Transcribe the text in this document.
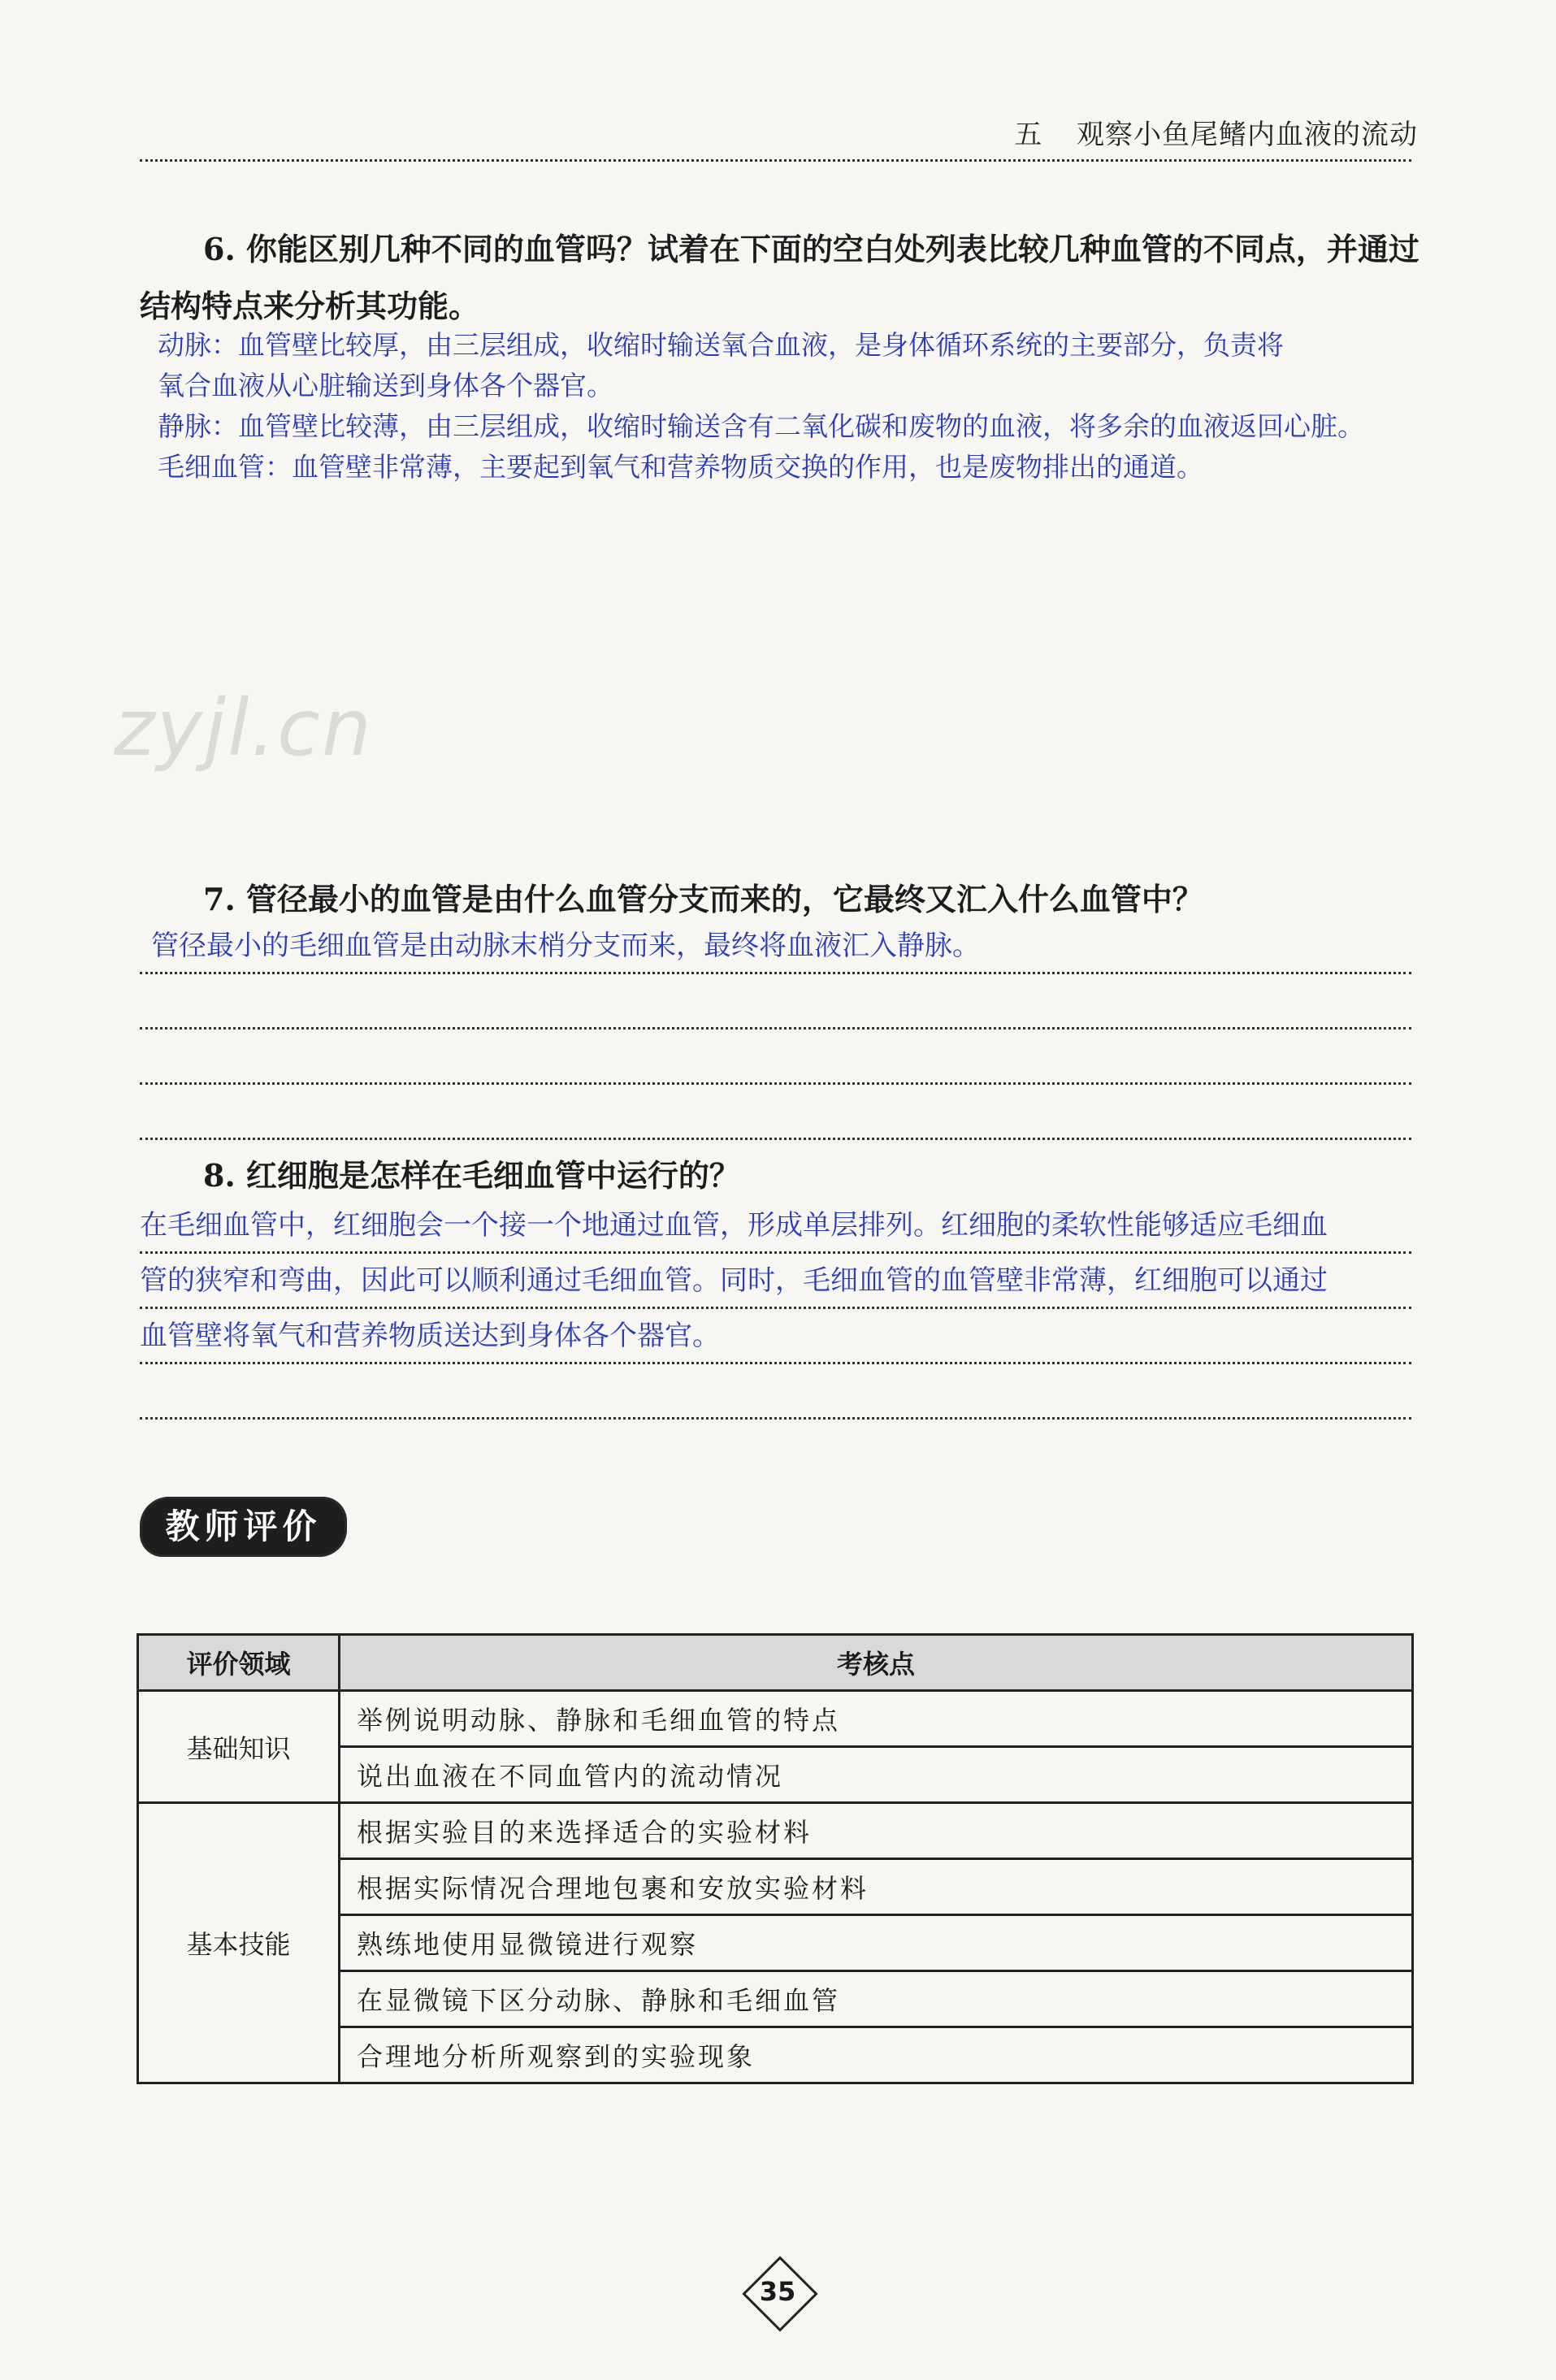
五 观察小鱼尾鳍内血液的流动
6. 你能区别几种不同的血管吗？试着在下面的空白处列表比较几种血管的不同点，并通过结构特点来分析其功能。

动脉：血管壁比较厚，由三层组成，收缩时输送氧合血液，是身体循环系统的主要部分，负责将

氧合血液从心脏输送到身体各个器官。

静脉：血管壁比较薄，由三层组成，收缩时输送含有二氧化碳和废物的血液，将多余的血液返回心脏。

毛细血管：血管壁非常薄，主要起到氧气和营养物质交换的作用，也是废物排出的通道。

zyjl.cn
7. 管径最小的血管是由什么血管分支而来的，它最终又汇入什么血管中？

管径最小的毛细血管是由动脉末梢分支而来，最终将血液汇入静脉。

8. 红细胞是怎样在毛细血管中运行的？

在毛细血管中，红细胞会一个接一个地通过血管，形成单层排列。红细胞的柔软性能够适应毛细血

管的狭窄和弯曲，因此可以顺利通过毛细血管。同时，毛细血管的血管壁非常薄，红细胞可以通过

血管壁将氧气和营养物质送达到身体各个器官。

教师评价
评价领域	考核点
基础知识	举例说明动脉、静脉和毛细血管的特点
	说出血液在不同血管内的流动情况
基本技能	根据实验目的来选择适合的实验材料
	根据实际情况合理地包裹和安放实验材料
	熟练地使用显微镜进行观察
	在显微镜下区分动脉、静脉和毛细血管
	合理地分析所观察到的实验现象
35
